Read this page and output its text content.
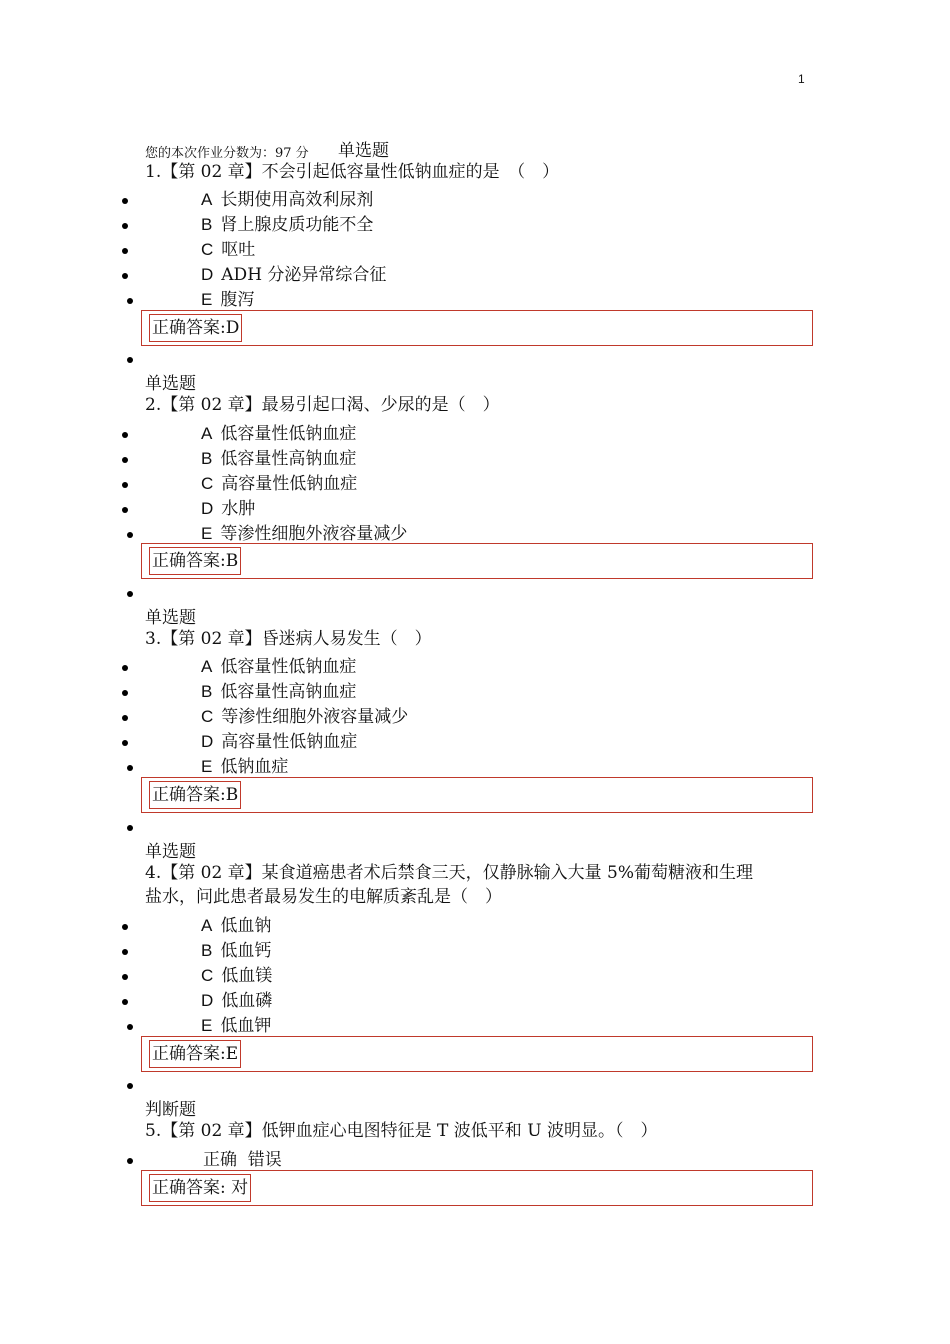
1
您的本次作业分数为：97 分 单选题
1.【第 02 章】不会引起低容量性低钠血症的是　（　）
A 长期使用高效利尿剂
B 肾上腺皮质功能不全
C 呕吐
D ADH 分泌异常综合征
E 腹泻
正确答案:D
单选题
2.【第 02 章】最易引起口渴、少尿的是（　）
A 低容量性低钠血症
B 低容量性高钠血症
C 高容量性低钠血症
D 水肿
E 等渗性细胞外液容量减少
正确答案:B
单选题
3.【第 02 章】昏迷病人易发生（　）
A 低容量性低钠血症
B 低容量性高钠血症
C 等渗性细胞外液容量减少
D 高容量性低钠血症
E 低钠血症
正确答案:B
单选题
4.【第 02 章】某食道癌患者术后禁食三天，仅静脉输入大量 5%葡萄糖液和生理
盐水，问此患者最易发生的电解质紊乱是（　）
A 低血钠
B 低血钙
C 低血镁
D 低血磷
E 低血钾
正确答案:E
判断题
5.【第 02 章】低钾血症心电图特征是 T 波低平和 U 波明显。（　）
正确  错误
正确答案: 对
